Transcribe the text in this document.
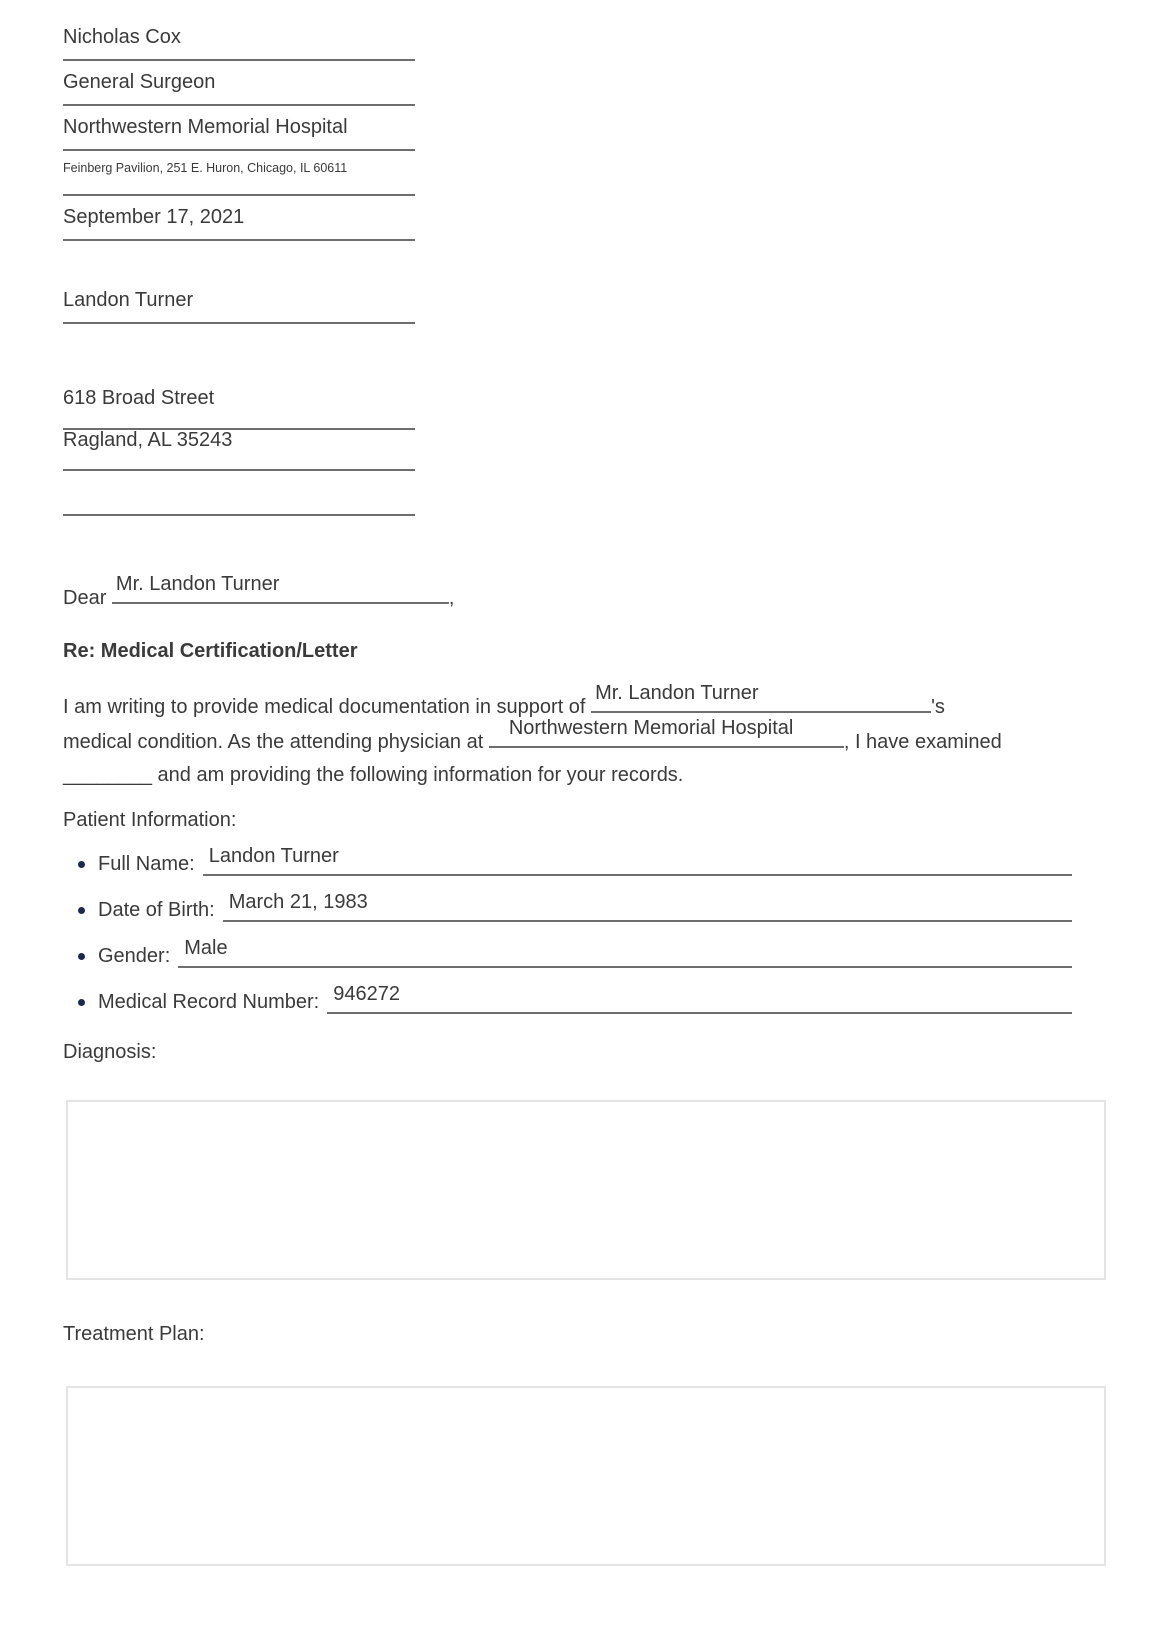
Nicholas Cox
General Surgeon
Northwestern Memorial Hospital
Feinberg Pavilion, 251 E. Huron, Chicago, IL 60611
September 17, 2021
Landon Turner
618 Broad Street
Ragland, AL 35243
Dear
Mr. Landon Turner
,
Re: Medical Certification/Letter
I am writing to provide medical documentation in support of
Mr. Landon Turner
's
medical condition. As the attending physician at
Northwestern Memorial Hospital
, I have examined
________ and am providing the following information for your records.
Patient Information:
Full Name: Landon Turner
Date of Birth: March 21, 1983
Gender: Male
Medical Record Number: 946272
Diagnosis:
Treatment Plan:
